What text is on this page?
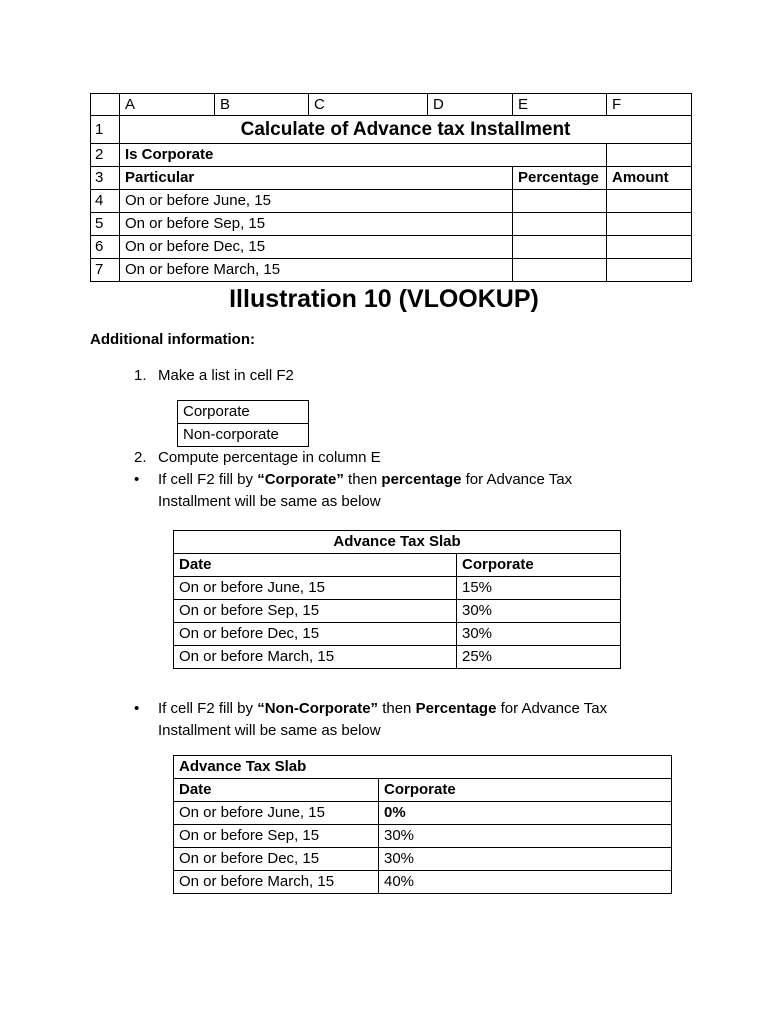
	A	B	C	D	E	F
1	Calculate of Advance tax Installment					
2	Is Corporate					
3	Particular				Percentage	Amount
4	On or before June, 15					
5	On or before Sep, 15					
6	On or before Dec, 15					
7	On or before March, 15					
Illustration 10 (VLOOKUP)

Additional information:

1. Make a list in cell F2

Corporate
Non-corporate

2. Compute percentage in column E

•	If cell F2 fill by “Corporate” then percentage for Advance Tax Installment will be same as below

Advance Tax Slab	
Date	Corporate
On or before June, 15	15%
On or before Sep, 15	30%
On or before Dec, 15	30%
On or before March, 15	25%

•	If cell F2 fill by “Non-Corporate” then Percentage for Advance Tax Installment will be same as below

Advance Tax Slab	
Date	Corporate
On or before June, 15	0%
On or before Sep, 15	30%
On or before Dec, 15	30%
On or before March, 15	40%
